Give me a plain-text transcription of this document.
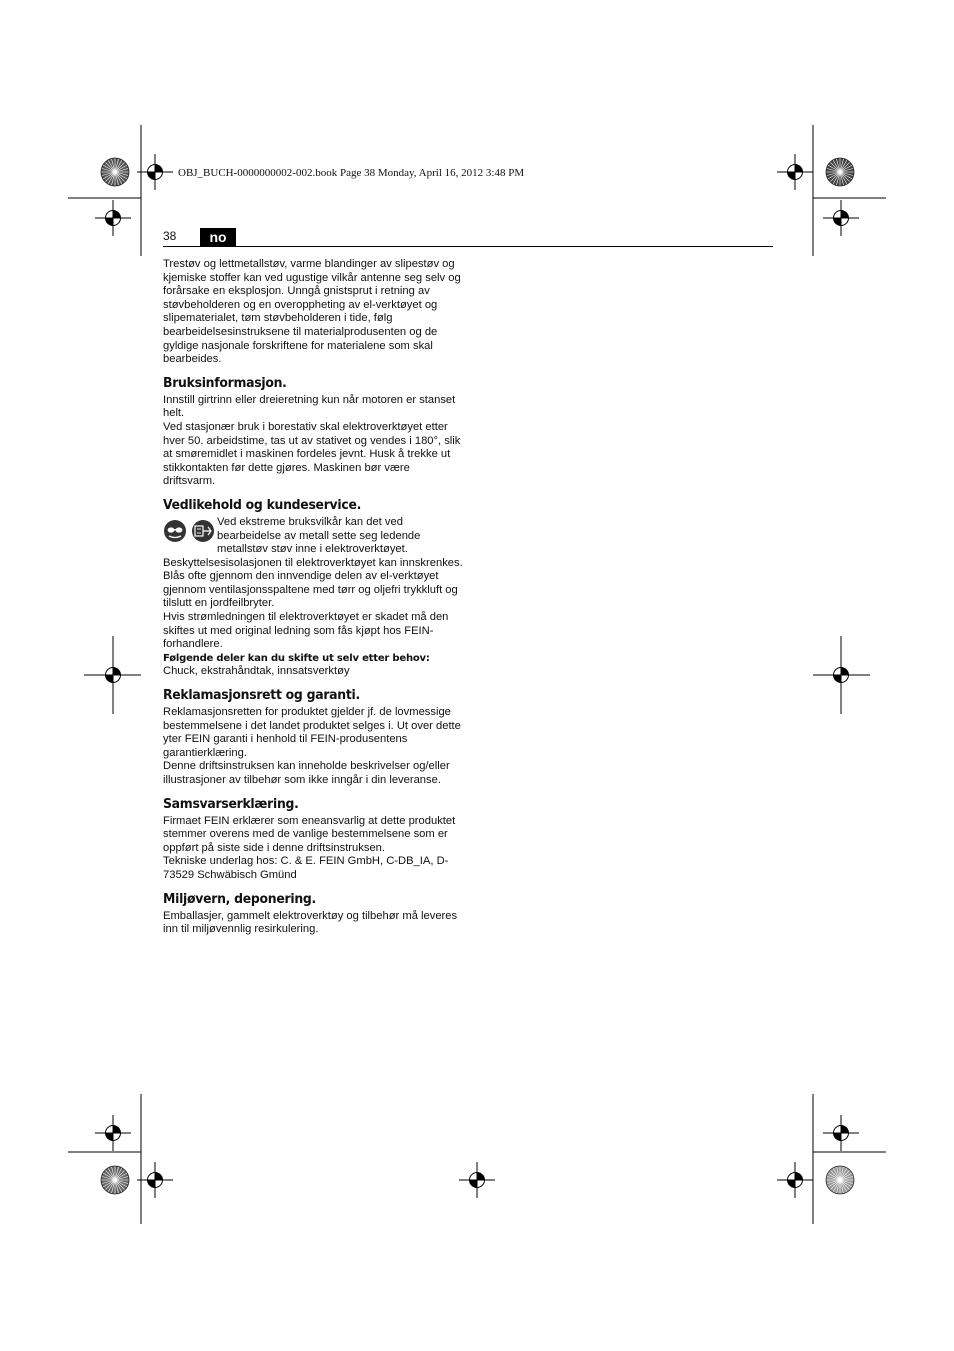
OBJ_BUCH-0000000002-002.book Page 38 Monday, April 16, 2012 3:48 PM
38	no

Trestøv og lettmetallstøv, varme blandinger av slipestøv og kjemiske stoffer kan ved ugustige vilkår antenne seg selv og forårsake en eksplosjon. Unngå gnistsprut i retning av støvbeholderen og en overoppheting av el-verktøyet og slipematerialet, tøm støvbeholderen i tide, følg bearbeidelsesinstruksene til materialprodusenten og de gyldige nasjonale forskriftene for materialene som skal bearbeides.

Bruksinformasjon.

Innstill girtrinn eller dreieretning kun når motoren er stanset helt.

Ved stasjonær bruk i borestativ skal elektroverktøyet etter hver 50. arbeidstime, tas ut av stativet og vendes i 180°, slik at smøremidlet i maskinen fordeles jevnt. Husk å trekke ut stikkontakten før dette gjøres. Maskinen bør være driftsvarm.

Vedlikehold og kundeservice.

Ved ekstreme bruksvilkår kan det ved bearbeidelse av metall sette seg ledende metallstøv støv inne i elektroverktøyet. Beskyttelsesisolasjonen til elektroverktøyet kan innskrenkes. Blås ofte gjennom den innvendige delen av el-verktøyet gjennom ventilasjonsspaltene med tørr og oljefri trykkluft og tilslutt en jordfeilbryter.

Hvis strømledningen til elektroverktøyet er skadet må den skiftes ut med original ledning som fås kjøpt hos FEIN-forhandlere.

Følgende deler kan du skifte ut selv etter behov: Chuck, ekstrahåndtak, innsatsverktøy

Reklamasjonsrett og garanti.

Reklamasjonsretten for produktet gjelder jf. de lovmessige bestemmelsene i det landet produktet selges i. Ut over dette yter FEIN garanti i henhold til FEIN-produsentens garantierklæring.

Denne driftsinstruksen kan inneholde beskrivelser og/eller illustrasjoner av tilbehør som ikke inngår i din leveranse.

Samsvarserklæring.

Firmaet FEIN erklærer som eneansvarlig at dette produktet stemmer overens med de vanlige bestemmelsene som er oppført på siste side i denne driftsinstruksen.

Tekniske underlag hos: C. & E. FEIN GmbH, C-DB_IA, D-73529 Schwäbisch Gmünd

Miljøvern, deponering.

Emballasjer, gammelt elektroverktøy og tilbehør må leveres inn til miljøvennlig resirkulering.
